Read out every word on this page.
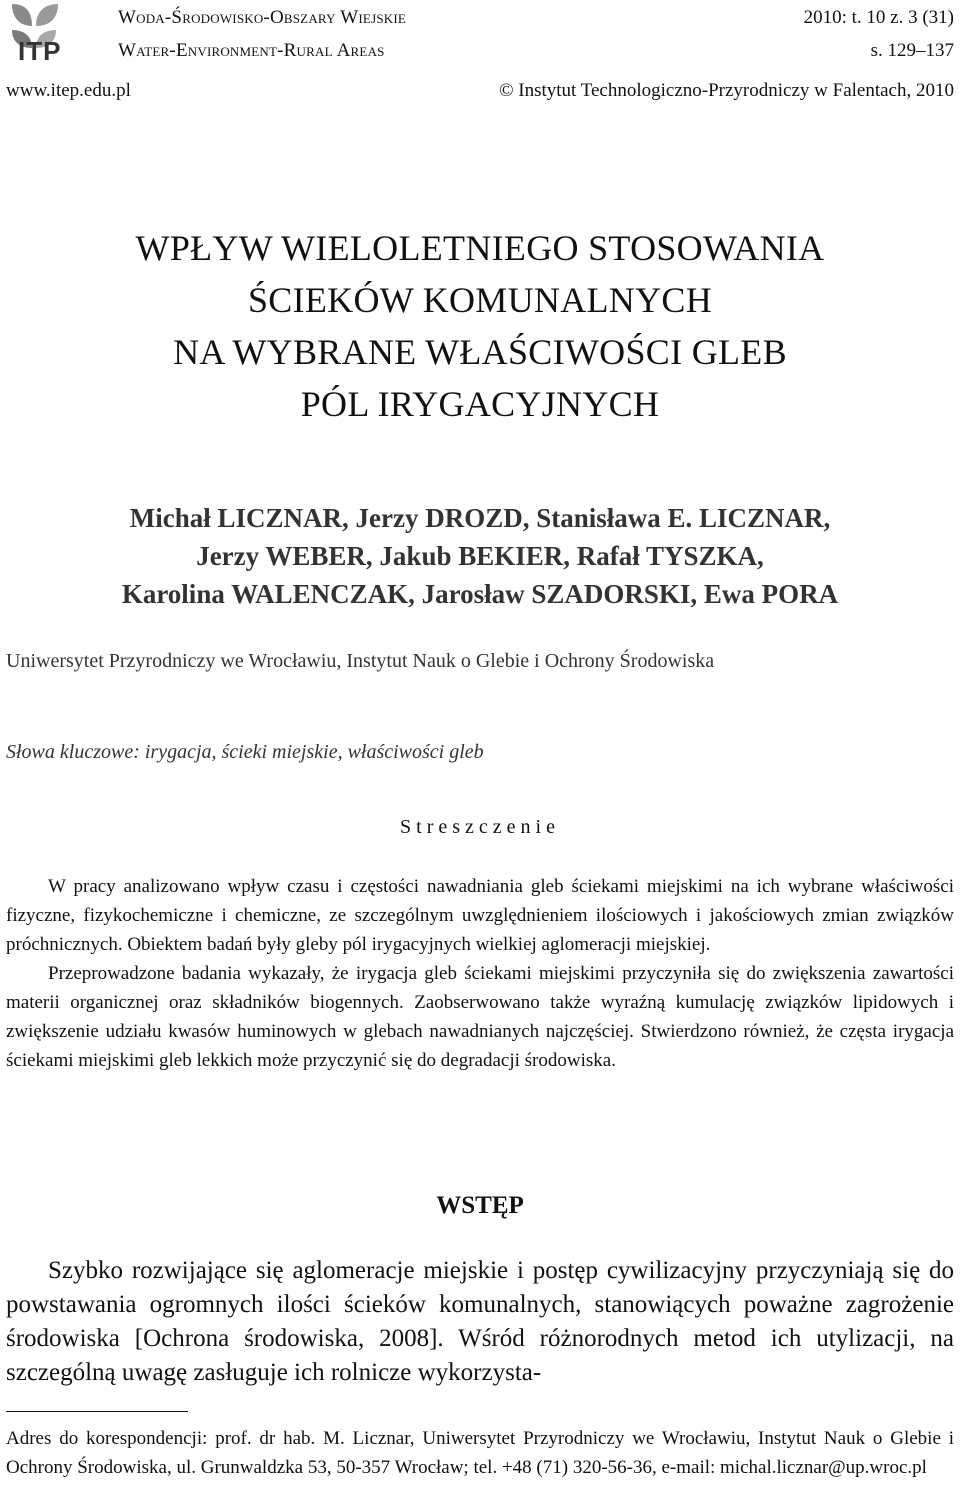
ITP
Woda-Środowisko-Obszary Wiejskie
Water-Environment-Rural Areas
2010: t. 10 z. 3 (31)
s. 129–137
www.itep.edu.pl	© Instytut Technologiczno-Przyrodniczy w Falentach, 2010
WPŁYW WIELOLETNIEGO STOSOWANIA
ŚCIEKÓW KOMUNALNYCH
NA WYBRANE WŁAŚCIWOŚCI GLEB
PÓL IRYGACYJNYCH
Michał LICZNAR, Jerzy DROZD, Stanisława E. LICZNAR,
Jerzy WEBER, Jakub BEKIER, Rafał TYSZKA,
Karolina WALENCZAK, Jarosław SZADORSKI, Ewa PORA
Uniwersytet Przyrodniczy we Wrocławiu, Instytut Nauk o Glebie i Ochrony Środowiska
Słowa kluczowe: irygacja, ścieki miejskie, właściwości gleb
Streszczenie

W pracy analizowano wpływ czasu i częstości nawadniania gleb ściekami miejskimi na ich wybrane właściwości fizyczne, fizykochemiczne i chemiczne, ze szczególnym uwzględnieniem ilościowych i jakościowych zmian związków próchnicznych. Obiektem badań były gleby pól irygacyjnych wielkiej aglomeracji miejskiej.

Przeprowadzone badania wykazały, że irygacja gleb ściekami miejskimi przyczyniła się do zwiększenia zawartości materii organicznej oraz składników biogennych. Zaobserwowano także wyraźną kumulację związków lipidowych i zwiększenie udziału kwasów huminowych w glebach nawadnianych najczęściej. Stwierdzono również, że częsta irygacja ściekami miejskimi gleb lekkich może przyczynić się do degradacji środowiska.

WSTĘP

Szybko rozwijające się aglomeracje miejskie i postęp cywilizacyjny przyczyniają się do powstawania ogromnych ilości ścieków komunalnych, stanowiących poważne zagrożenie środowiska [Ochrona środowiska, 2008]. Wśród różnorodnych metod ich utylizacji, na szczególną uwagę zasługuje ich rolnicze wykorzysta-

Adres do korespondencji: prof. dr hab. M. Licznar, Uniwersytet Przyrodniczy we Wrocławiu, Instytut Nauk o Glebie i Ochrony Środowiska, ul. Grunwaldzka 53, 50-357 Wrocław; tel. +48 (71) 320-56-36, e-mail: michal.licznar@up.wroc.pl
